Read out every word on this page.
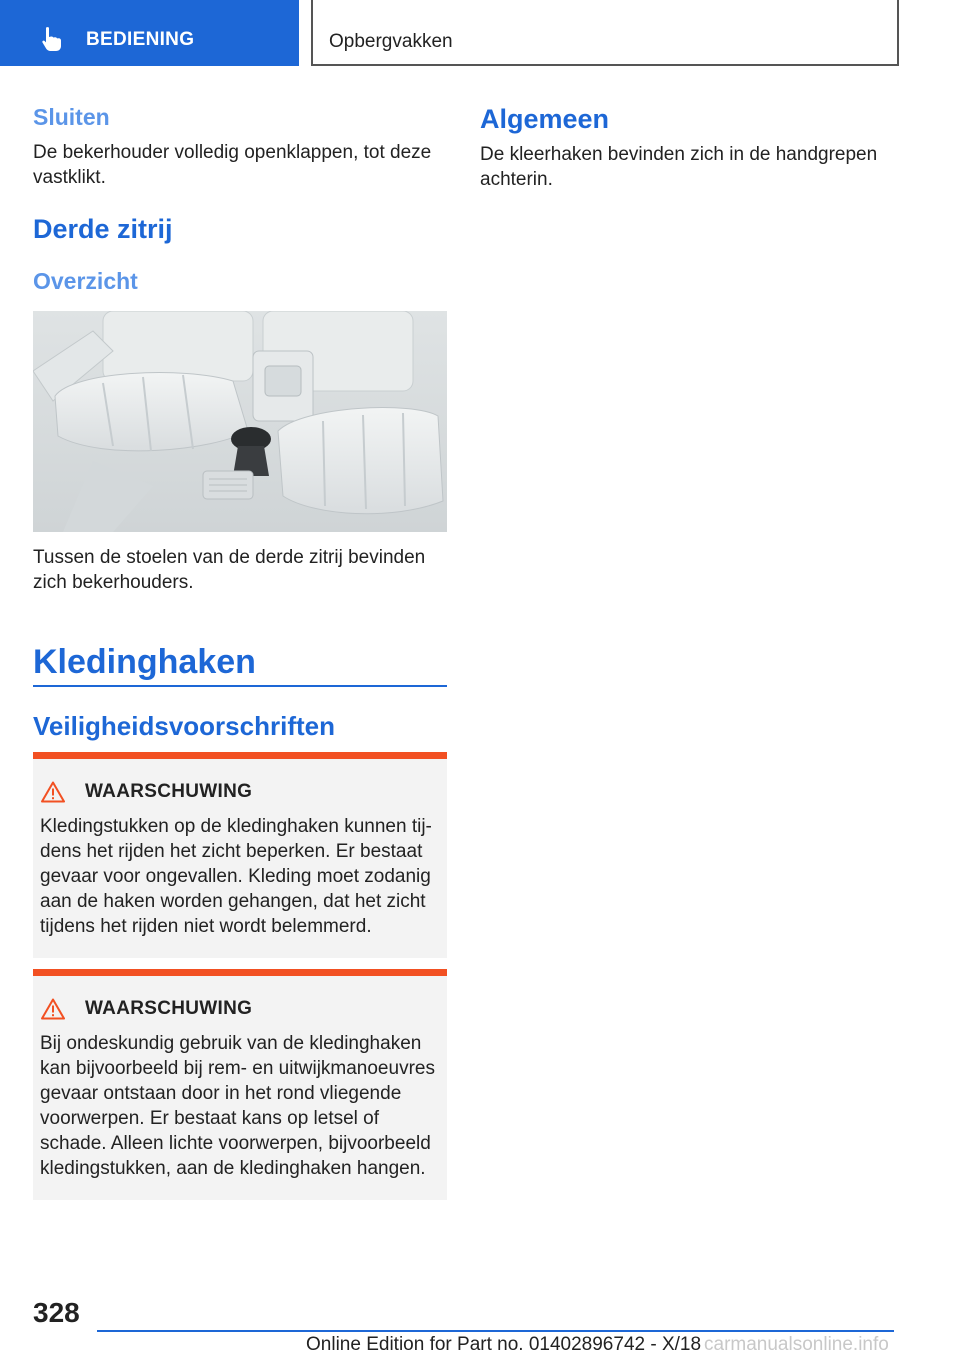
BEDIENING	Opbergvakken
Sluiten
De bekerhouder volledig openklappen, tot deze vastklikt.
Derde zitrij
Overzicht
Tussen de stoelen van de derde zitrij bevinden zich bekerhouders.
Kledinghaken
Veiligheidsvoorschriften
WAARSCHUWING
Kledingstukken op de kledinghaken kunnen tij-dens het rijden het zicht beperken. Er bestaat gevaar voor ongevallen. Kleding moet zodanig aan de haken worden gehangen, dat het zicht tijdens het rijden niet wordt belemmerd.
WAARSCHUWING
Bij ondeskundig gebruik van de kledinghaken kan bijvoorbeeld bij rem- en uitwijkmanoeuvres gevaar ontstaan door in het rond vliegende voorwerpen. Er bestaat kans op letsel of schade. Alleen lichte voorwerpen, bijvoorbeeld kledingstukken, aan de kledinghaken hangen.
Algemeen
De kleerhaken bevinden zich in de handgrepen achterin.
328
Online Edition for Part no. 01402896742 - X/18 carmanualsonline.info
